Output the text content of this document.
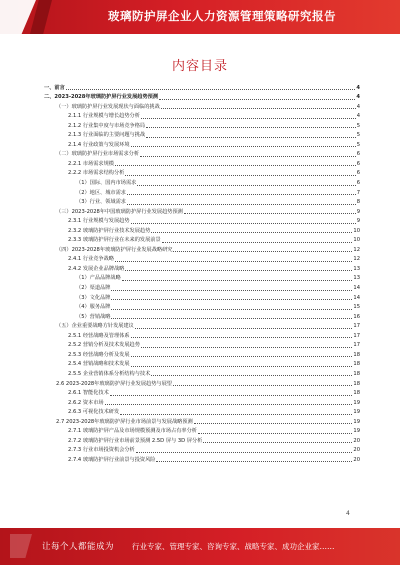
玻璃防护屏企业人力资源管理策略研究报告
内容目录
一、前言	4
二、2023-2028年玻璃防护屏行业发展趋势预测	4
（一）玻璃防护屏行业发展现状与面临的挑战	4
2.1.1 行业规模与增长趋势分析	4
2.1.2 行业集中度与市场竞争格局	5
2.1.3 行业面临的主要问题与挑战	5
2.1.4 行业政策与发展环境	5
（二）玻璃防护屏行业市场需求分析	6
2.2.1 市场需求规模	6
2.2.2 市场需求结构分析	6
（1）国际、国内市场需求	6
（2）地区、城市需求	7
（3）行业、领域需求	8
（三）2023-2028年中国玻璃防护屏行业发展趋势预测	9
2.3.1 行业规模与发展趋势	9
2.3.2 玻璃防护屏行业技术发展趋势	10
2.3.3 玻璃防护屏行业在未来的发展前景	10
（四）2023-2028年玻璃防护屏行业发展战略研究	12
2.4.1 行业竞争战略	12
2.4.2 发展企业品牌战略	13
（1）产品品牌战略	13
（2）渠道品牌	14
（3）文化品牌	14
（4）服务品牌	15
（5）营销战略	16
（五）企业重要战略方针发展建议	17
2.5.1 经营战略及管理体系	17
2.5.2 营销分析及技术发展趋势	17
2.5.3 经营战略分析及发展	18
2.5.4 营销战略和技术发展	18
2.5.5 企业营销体系分析结构与技术	18
2.6 2023-2028年玻璃防护屏行业发展趋势与展望	18
2.6.1 智能化技术	18
2.6.2 资本市场	19
2.6.3 可视化技术研发	19
2.7 2023-2028年玻璃防护屏行业市场前景与发展战略预测	19
2.7.1 玻璃防护屏产品及市场规模预测及市场占有率分析	19
2.7.2 玻璃防护屏行业市场前景预测 2.5D 屏与 3D 屏分析	20
2.7.3 行业市场投资机会分析	20
2.7.4 玻璃防护屏行业前景与投资风险	20
4
让每个人都能成为 行业专家、管理专家、咨询专家、战略专家、成功企业家……
